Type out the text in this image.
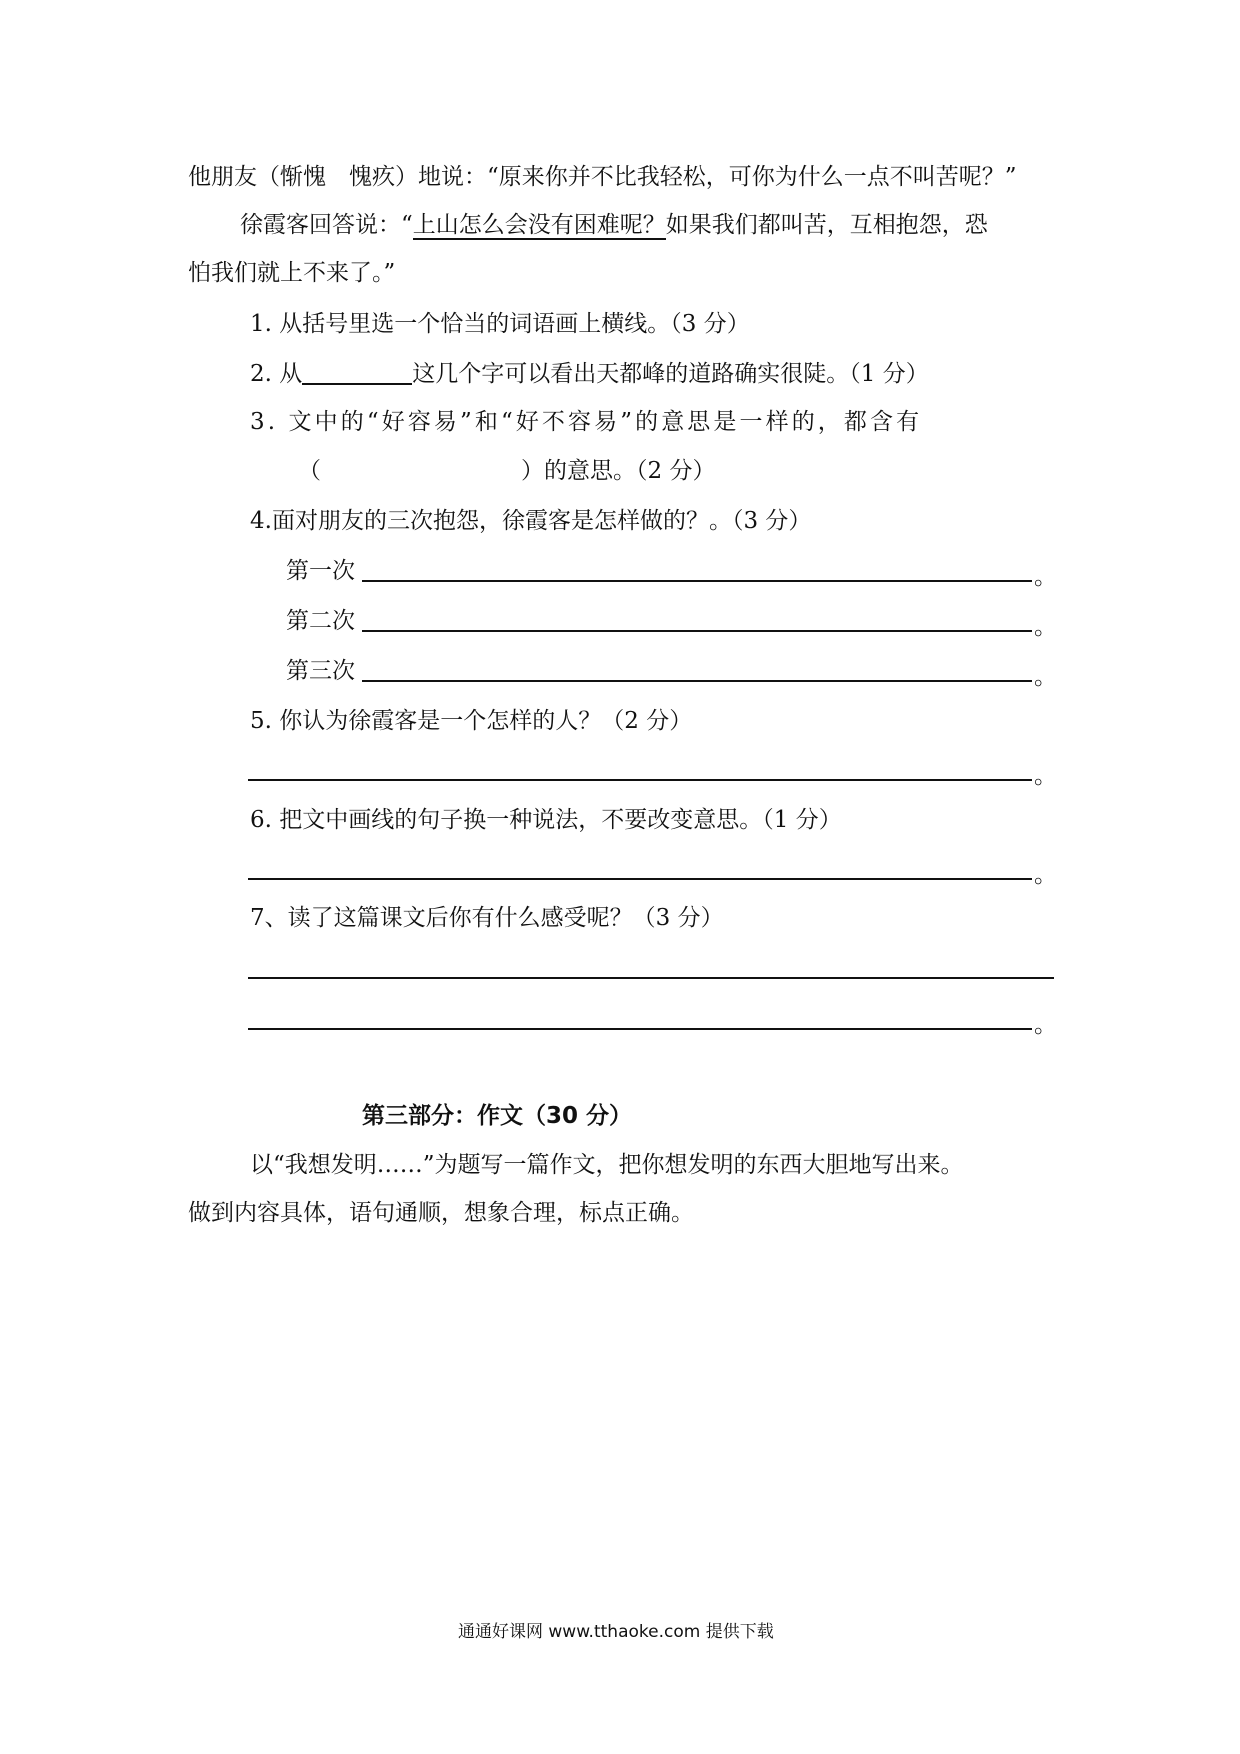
他朋友（惭愧　愧疚）地说：“原来你并不比我轻松，可你为什么一点不叫苦呢？”
徐霞客回答说：“上山怎么会没有困难呢？如果我们都叫苦，互相抱怨，恐
怕我们就上不来了。”
1. 从括号里选一个恰当的词语画上横线。（3 分）
2. 从	这几个字可以看出天都峰的道路确实很陡。（1 分）
3. 文中的“好容易”和“好不容易”的意思是一样的，都含有
（	）的意思。（2 分）
4.面对朋友的三次抱怨，徐霞客是怎样做的？。（3 分）
第一次	。
第二次	。
第三次	。
5. 你认为徐霞客是一个怎样的人？（2 分）
。
6. 把文中画线的句子换一种说法，不要改变意思。（1 分）
。
7、读了这篇课文后你有什么感受呢？（3 分）
。
第三部分：作文（30 分）
以“我想发明……”为题写一篇作文，把你想发明的东西大胆地写出来。
做到内容具体，语句通顺，想象合理，标点正确。
通通好课网 www.tthaoke.com 提供下载
